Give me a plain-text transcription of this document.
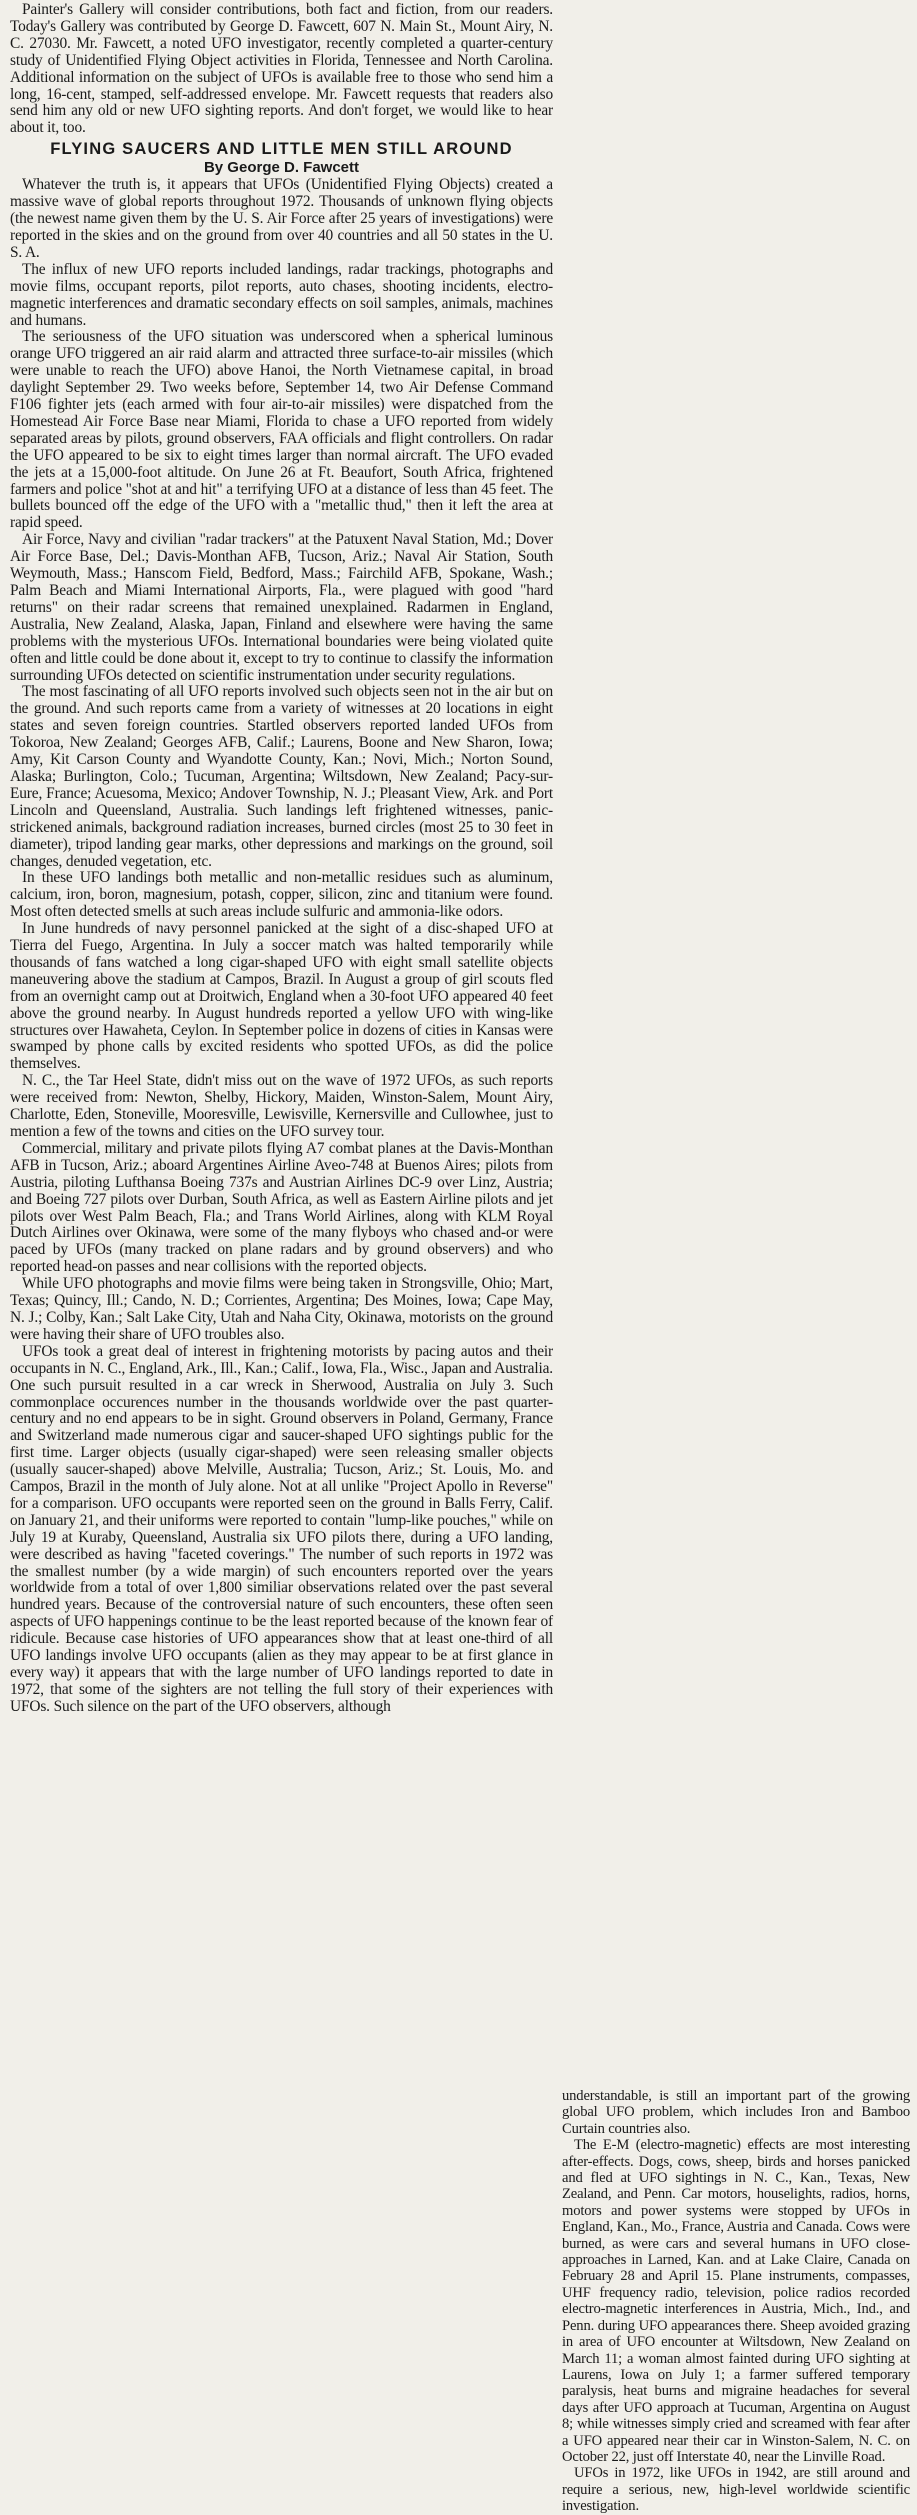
Painter's Gallery will consider contributions, both fact and fiction, from our readers. Today's Gallery was contributed by George D. Fawcett, 607 N. Main St., Mount Airy, N. C. 27030. Mr. Fawcett, a noted UFO investigator, recently completed a quarter-century study of Unidentified Flying Object activities in Florida, Tennessee and North Carolina. Additional information on the subject of UFOs is available free to those who send him a long, 16-cent, stamped, self-addressed envelope. Mr. Fawcett requests that readers also send him any old or new UFO sighting reports. And don't forget, we would like to hear about it, too.

FLYING SAUCERS AND LITTLE MEN STILL AROUND

By George D. Fawcett

Whatever the truth is, it appears that UFOs (Unidentified Flying Objects) created a massive wave of global reports throughout 1972. Thousands of unknown flying objects (the newest name given them by the U. S. Air Force after 25 years of investigations) were reported in the skies and on the ground from over 40 countries and all 50 states in the U. S. A.

The influx of new UFO reports included landings, radar trackings, photographs and movie films, occupant reports, pilot reports, auto chases, shooting incidents, electro-magnetic interferences and dramatic secondary effects on soil samples, animals, machines and humans.

The seriousness of the UFO situation was underscored when a spherical luminous orange UFO triggered an air raid alarm and attracted three surface-to-air missiles (which were unable to reach the UFO) above Hanoi, the North Vietnamese capital, in broad daylight September 29. Two weeks before, September 14, two Air Defense Command F106 fighter jets (each armed with four air-to-air missiles) were dispatched from the Homestead Air Force Base near Miami, Florida to chase a UFO reported from widely separated areas by pilots, ground observers, FAA officials and flight controllers. On radar the UFO appeared to be six to eight times larger than normal aircraft. The UFO evaded the jets at a 15,000-foot altitude. On June 26 at Ft. Beaufort, South Africa, frightened farmers and police "shot at and hit" a terrifying UFO at a distance of less than 45 feet. The bullets bounced off the edge of the UFO with a "metallic thud," then it left the area at rapid speed.

Air Force, Navy and civilian "radar trackers" at the Patuxent Naval Station, Md.; Dover Air Force Base, Del.; Davis-Monthan AFB, Tucson, Ariz.; Naval Air Station, South Weymouth, Mass.; Hanscom Field, Bedford, Mass.; Fairchild AFB, Spokane, Wash.; Palm Beach and Miami International Airports, Fla., were plagued with good "hard returns" on their radar screens that remained unexplained. Radarmen in England, Australia, New Zealand, Alaska, Japan, Finland and elsewhere were having the same problems with the mysterious UFOs. International boundaries were being violated quite often and little could be done about it, except to try to continue to classify the information surrounding UFOs detected on scientific instrumentation under security regulations.

The most fascinating of all UFO reports involved such objects seen not in the air but on the ground. And such reports came from a variety of witnesses at 20 locations in eight states and seven foreign countries. Startled observers reported landed UFOs from Tokoroa, New Zealand; Georges AFB, Calif.; Laurens, Boone and New Sharon, Iowa; Amy, Kit Carson County and Wyandotte County, Kan.; Novi, Mich.; Norton Sound, Alaska; Burlington, Colo.; Tucuman, Argentina; Wiltsdown, New Zealand; Pacy-sur-Eure, France; Acuesoma, Mexico; Andover Township, N. J.; Pleasant View, Ark. and Port Lincoln and Queensland, Australia. Such landings left frightened witnesses, panic-strickened animals, background radiation increases, burned circles (most 25 to 30 feet in diameter), tripod landing gear marks, other depressions and markings on the ground, soil changes, denuded vegetation, etc.

In these UFO landings both metallic and non-metallic residues such as aluminum, calcium, iron, boron, magnesium, potash, copper, silicon, zinc and titanium were found. Most often detected smells at such areas include sulfuric and ammonia-like odors.

In June hundreds of navy personnel panicked at the sight of a disc-shaped UFO at Tierra del Fuego, Argentina. In July a soccer match was halted temporarily while thousands of fans watched a long cigar-shaped UFO with eight small satellite objects maneuvering above the stadium at Campos, Brazil. In August a group of girl scouts fled from an overnight camp out at Droitwich, England when a 30-foot UFO appeared 40 feet above the ground nearby. In August hundreds reported a yellow UFO with wing-like structures over Hawaheta, Ceylon. In September police in dozens of cities in Kansas were swamped by phone calls by excited residents who spotted UFOs, as did the police themselves.

N. C., the Tar Heel State, didn't miss out on the wave of 1972 UFOs, as such reports were received from: Newton, Shelby, Hickory, Maiden, Winston-Salem, Mount Airy, Charlotte, Eden, Stoneville, Mooresville, Lewisville, Kernersville and Cullowhee, just to mention a few of the towns and cities on the UFO survey tour.

Commercial, military and private pilots flying A7 combat planes at the Davis-Monthan AFB in Tucson, Ariz.; aboard Argentines Airline Aveo-748 at Buenos Aires; pilots from Austria, piloting Lufthansa Boeing 737s and Austrian Airlines DC-9 over Linz, Austria; and Boeing 727 pilots over Durban, South Africa, as well as Eastern Airline pilots and jet pilots over West Palm Beach, Fla.; and Trans World Airlines, along with KLM Royal Dutch Airlines over Okinawa, were some of the many flyboys who chased and-or were paced by UFOs (many tracked on plane radars and by ground observers) and who reported head-on passes and near collisions with the reported objects.

While UFO photographs and movie films were being taken in Strongsville, Ohio; Mart, Texas; Quincy, Ill.; Cando, N. D.; Corrientes, Argentina; Des Moines, Iowa; Cape May, N. J.; Colby, Kan.; Salt Lake City, Utah and Naha City, Okinawa, motorists on the ground were having their share of UFO troubles also.

UFOs took a great deal of interest in frightening motorists by pacing autos and their occupants in N. C., England, Ark., Ill., Kan.; Calif., Iowa, Fla., Wisc., Japan and Australia. One such pursuit resulted in a car wreck in Sherwood, Australia on July 3. Such commonplace occurences number in the thousands worldwide over the past quarter-century and no end appears to be in sight. Ground observers in Poland, Germany, France and Switzerland made numerous cigar and saucer-shaped UFO sightings public for the first time. Larger objects (usually cigar-shaped) were seen releasing smaller objects (usually saucer-shaped) above Melville, Australia; Tucson, Ariz.; St. Louis, Mo. and Campos, Brazil in the month of July alone. Not at all unlike "Project Apollo in Reverse" for a comparison. UFO occupants were reported seen on the ground in Balls Ferry, Calif. on January 21, and their uniforms were reported to contain "lump-like pouches," while on July 19 at Kuraby, Queensland, Australia six UFO pilots there, during a UFO landing, were described as having "faceted coverings." The number of such reports in 1972 was the smallest number (by a wide margin) of such encounters reported over the years worldwide from a total of over 1,800 similiar observations related over the past several hundred years. Because of the controversial nature of such encounters, these often seen aspects of UFO happenings continue to be the least reported because of the known fear of ridicule. Because case histories of UFO appearances show that at least one-third of all UFO landings involve UFO occupants (alien as they may appear to be at first glance in every way) it appears that with the large number of UFO landings reported to date in 1972, that some of the sighters are not telling the full story of their experiences with UFOs. Such silence on the part of the UFO observers, although

understandable, is still an important part of the growing global UFO problem, which includes Iron and Bamboo Curtain countries also.

The E-M (electro-magnetic) effects are most interesting after-effects. Dogs, cows, sheep, birds and horses panicked and fled at UFO sightings in N. C., Kan., Texas, New Zealand, and Penn. Car motors, houselights, radios, horns, motors and power systems were stopped by UFOs in England, Kan., Mo., France, Austria and Canada. Cows were burned, as were cars and several humans in UFO close-approaches in Larned, Kan. and at Lake Claire, Canada on February 28 and April 15. Plane instruments, compasses, UHF frequency radio, television, police radios recorded electro-magnetic interferences in Austria, Mich., Ind., and Penn. during UFO appearances there. Sheep avoided grazing in area of UFO encounter at Wiltsdown, New Zealand on March 11; a woman almost fainted during UFO sighting at Laurens, Iowa on July 1; a farmer suffered temporary paralysis, heat burns and migraine headaches for several days after UFO approach at Tucuman, Argentina on August 8; while witnesses simply cried and screamed with fear after a UFO appeared near their car in Winston-Salem, N. C. on October 22, just off Interstate 40, near the Linville Road.

UFOs in 1972, like UFOs in 1942, are still around and require a serious, new, high-level worldwide scientific investigation.
